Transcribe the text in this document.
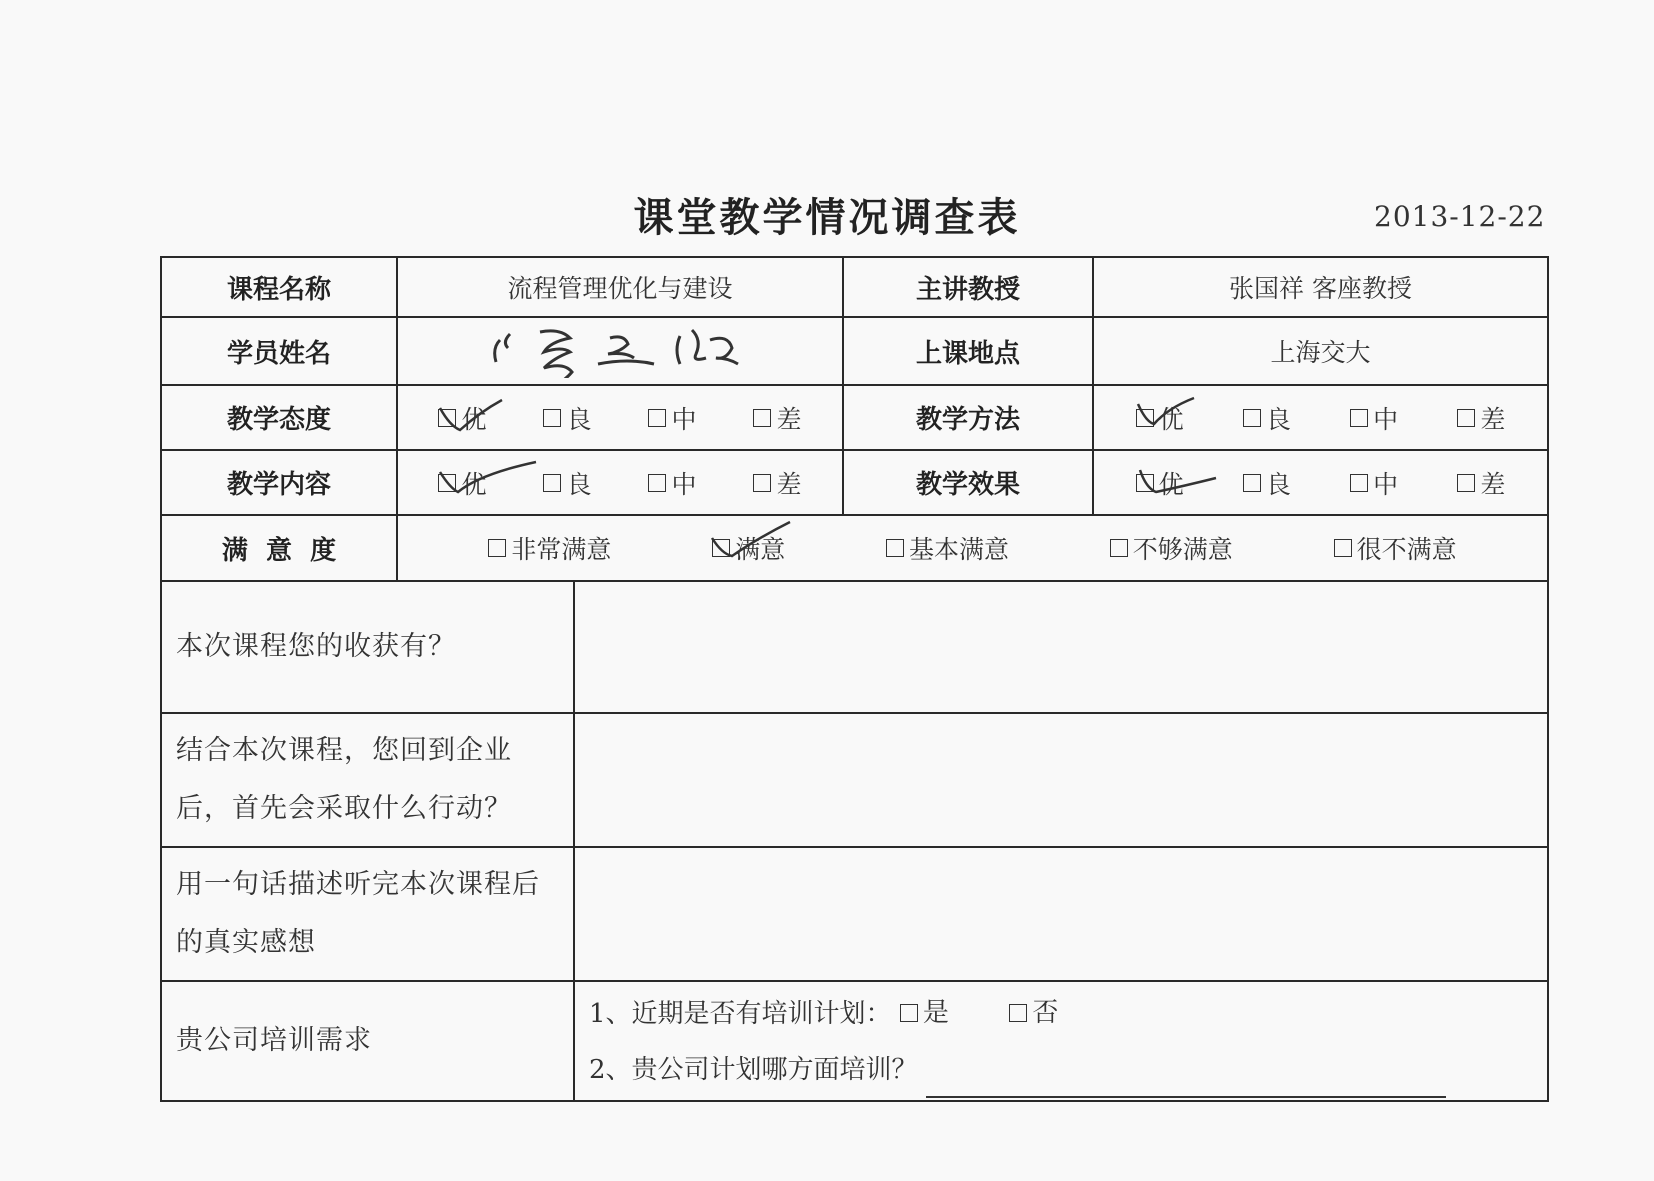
课堂教学情况调查表	2013-12-22
课程名称	流程管理优化与建设		主讲教授	张国祥 客座教授
学员姓名			上课地点	上海交大
教学态度	优 良 中 差		教学方法	优 良 中 差

教学内容	优 良 中 差		教学效果	优 良 中 差

满  意  度	非常满意 满意 基本满意 不够满意 很不满意			

本次课程您的收获有？				
结合本次课程，您回到企业后，首先会采取什么行动？				
用一句话描述听完本次课程后的真实感想				
贵公司培训需求		1、近期是否有培训计划： 是
否
2、贵公司计划哪方面培训？		
